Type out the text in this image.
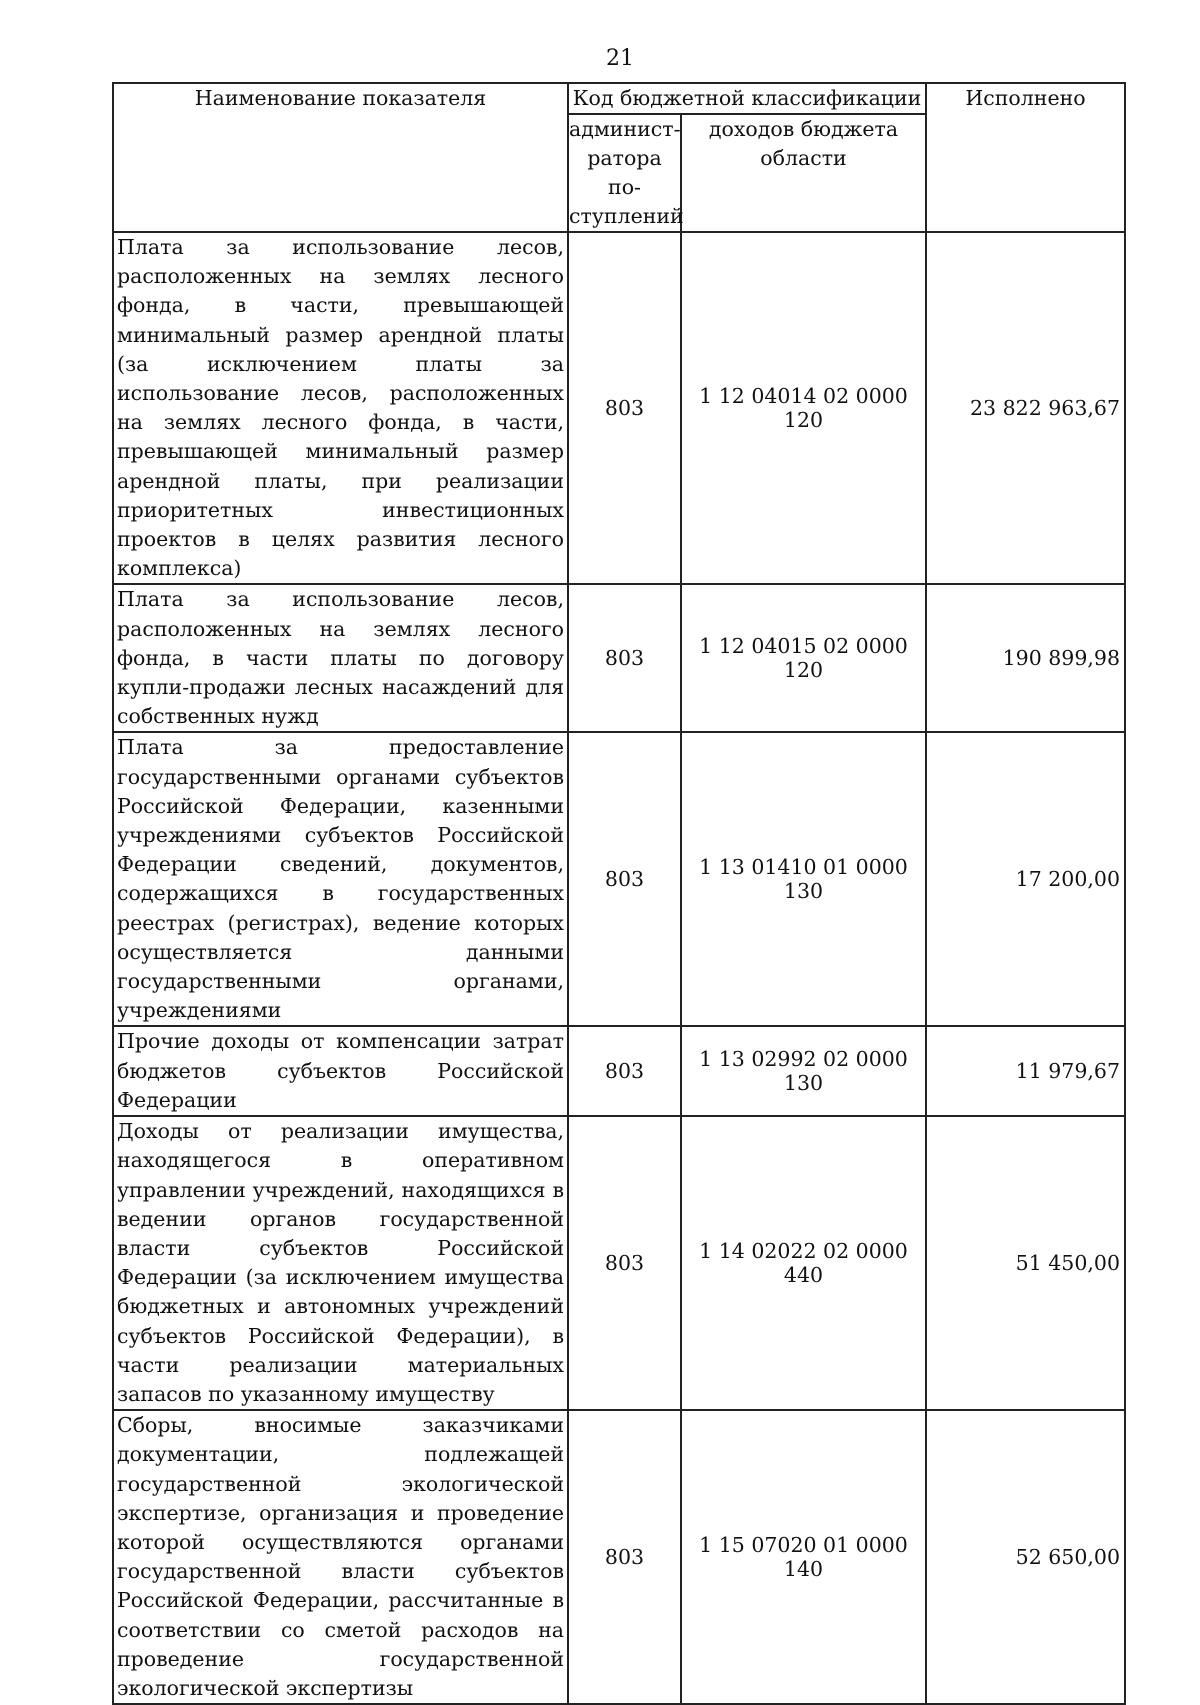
21
Наименование показателя	Код бюджетной классификации		Исполнено
	админист-ратора по-ступлений	доходов бюджета области	
Плата за использование лесов, расположенных на землях лесного фонда, в части, превышающей минимальный размер арендной платы (за исключением платы за использование лесов, расположенных на землях лесного фонда, в части, превышающей минимальный размер арендной платы, при реализации приоритетных инвестиционных проектов в целях развития лесного комплекса)	803	1 12 04014 02 0000 120	23 822 963,67
Плата за использование лесов, расположенных на землях лесного фонда, в части платы по договору купли-продажи лесных насаждений для собственных нужд	803	1 12 04015 02 0000 120	190 899,98
Плата за предоставление государственными органами субъектов Российской Федерации, казенными учреждениями субъектов Российской Федерации сведений, документов, содержащихся в государственных реестрах (регистрах), ведение которых осуществляется данными государственными органами, учреждениями	803	1 13 01410 01 0000 130	17 200,00
Прочие доходы от компенсации затрат бюджетов субъектов Российской Федерации	803	1 13 02992 02 0000 130	11 979,67
Доходы от реализации имущества, находящегося в оперативном управлении учреждений, находящихся в ведении органов государственной власти субъектов Российской Федерации (за исключением имущества бюджетных и автономных учреждений субъектов Российской Федерации), в части реализации материальных запасов по указанному имуществу	803	1 14 02022 02 0000 440	51 450,00
Сборы, вносимые заказчиками документации, подлежащей государственной экологической экспертизе, организация и проведение которой осуществляются органами государственной власти субъектов Российской Федерации, рассчитанные в соответствии со сметой расходов на проведение государственной экологической экспертизы	803	1 15 07020 01 0000 140	52 650,00
